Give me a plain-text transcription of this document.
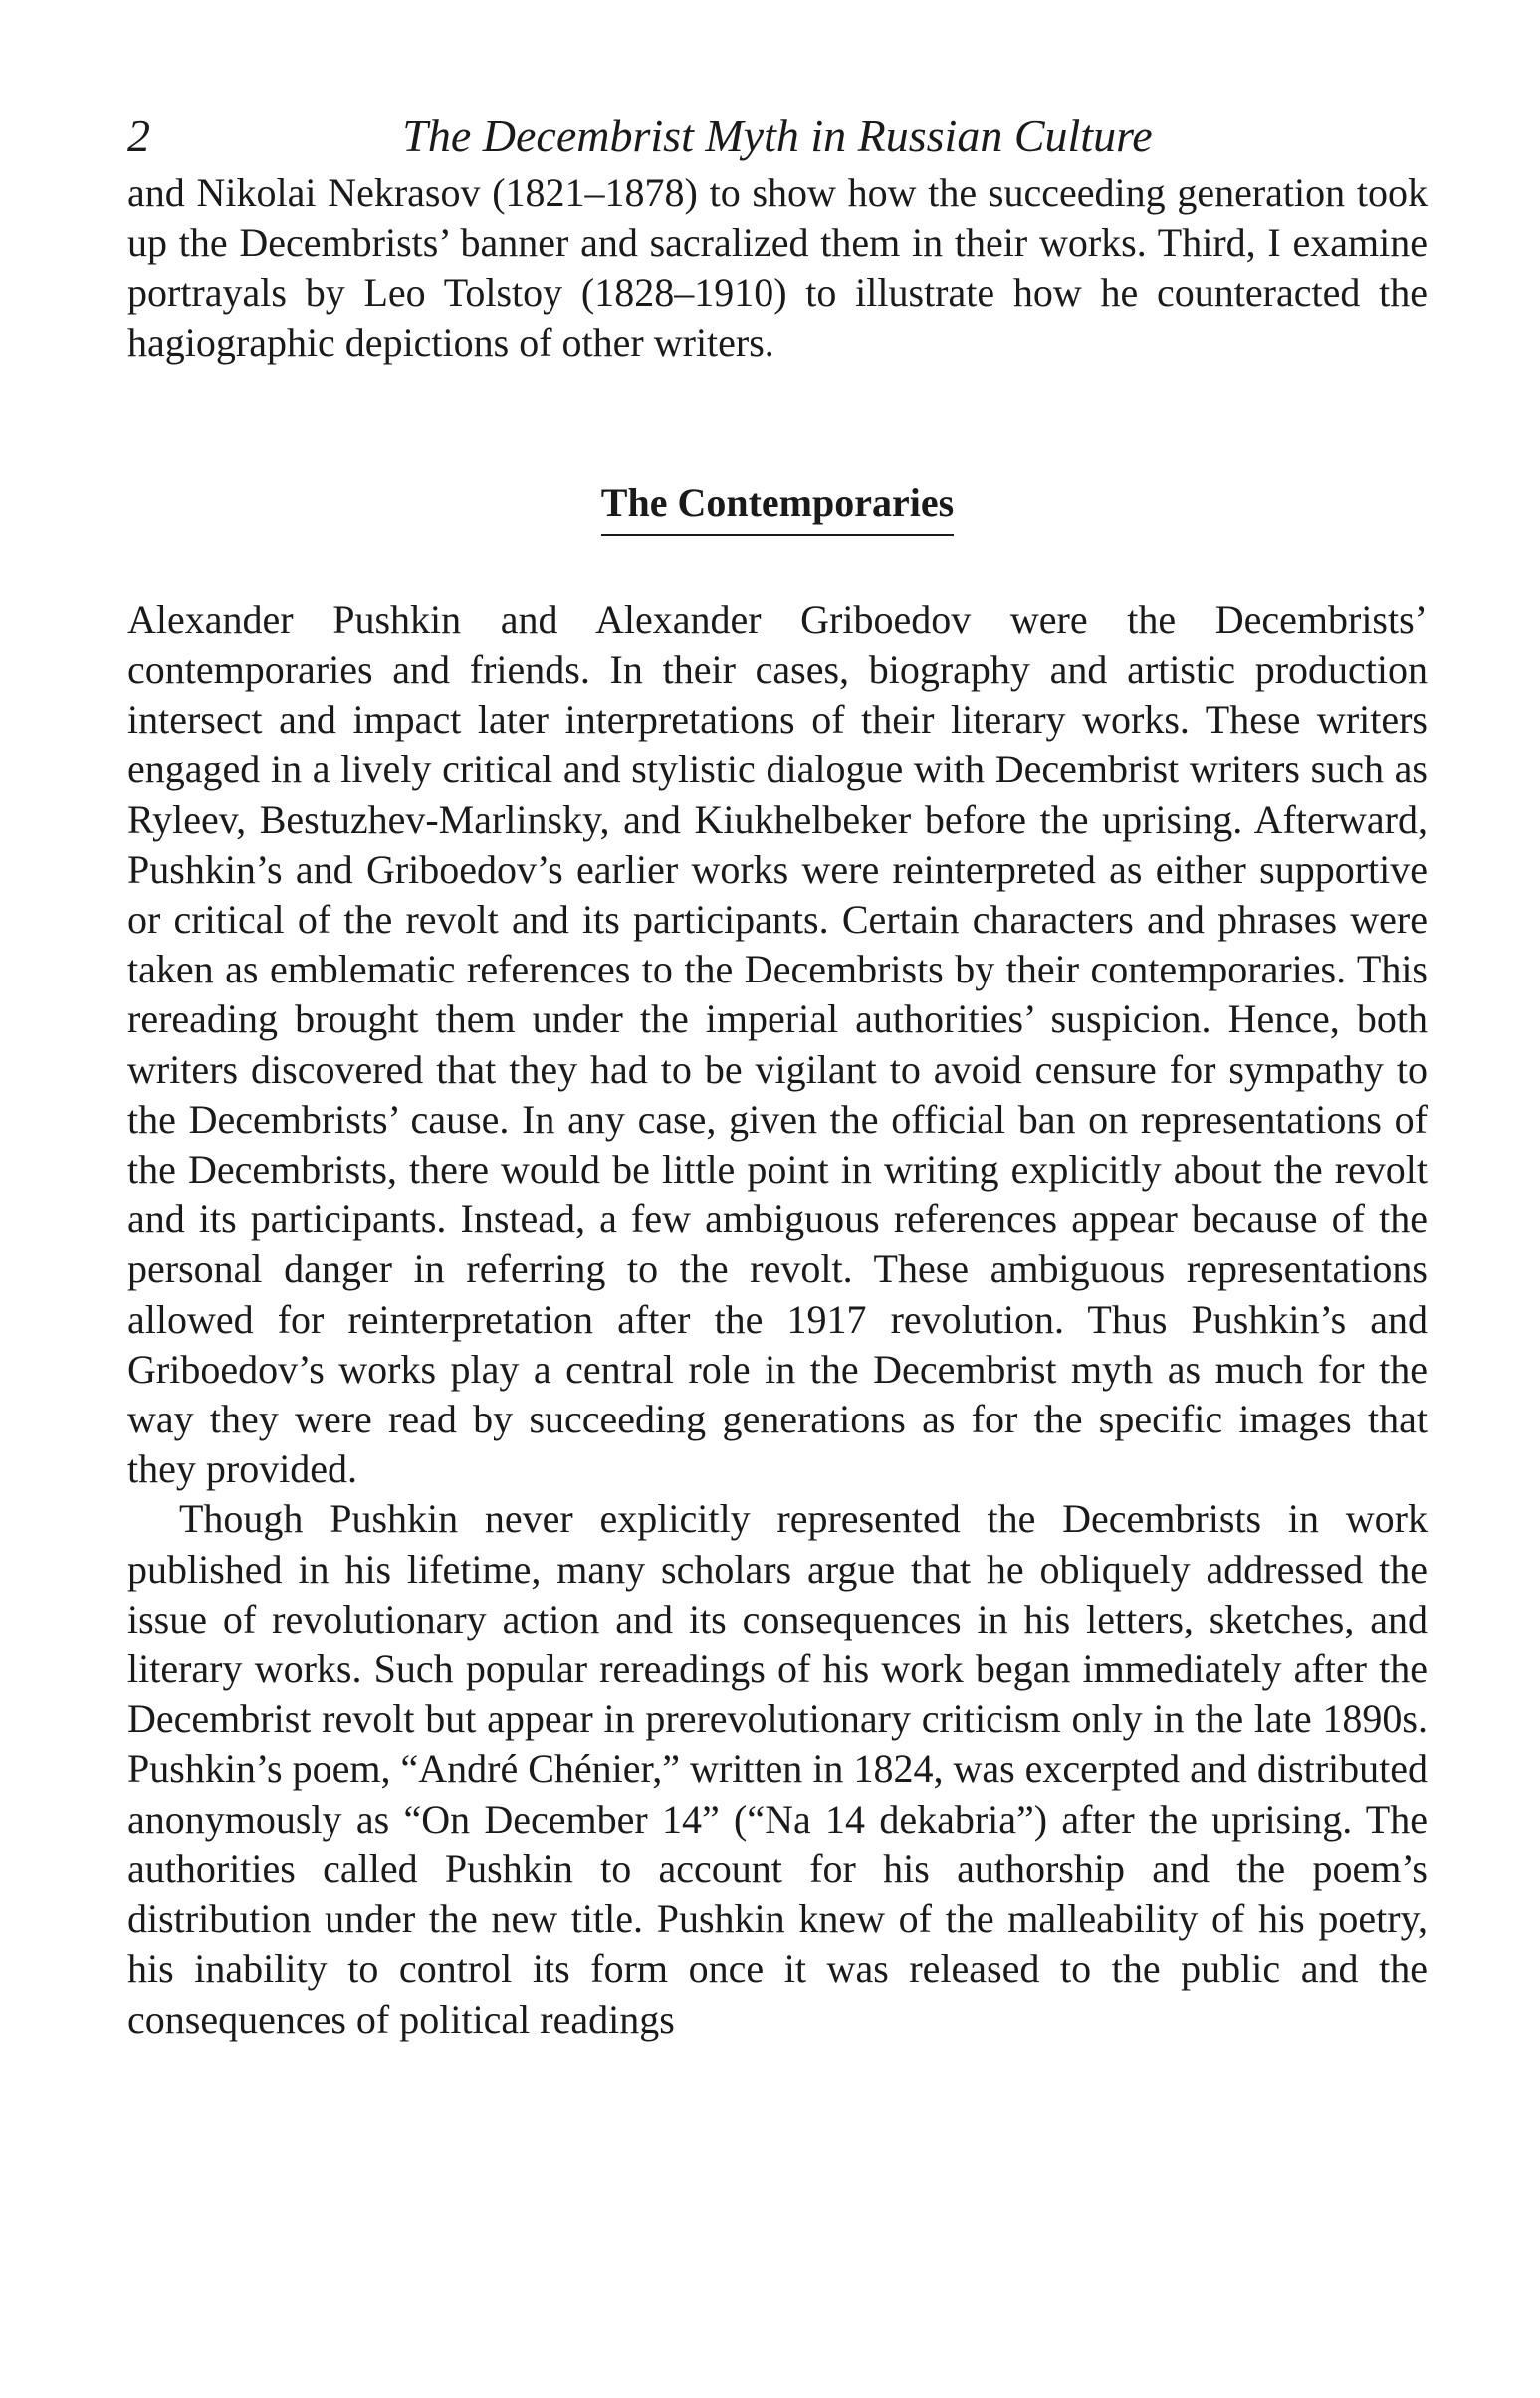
2	The Decembrist Myth in Russian Culture

and Nikolai Nekrasov (1821–1878) to show how the succeeding generation took up the Decembrists’ banner and sacralized them in their works. Third, I examine portrayals by Leo Tolstoy (1828–1910) to illustrate how he counteracted the hagiographic depictions of other writers.

The Contemporaries

Alexander Pushkin and Alexander Griboedov were the Decembrists’ contemporaries and friends. In their cases, biography and artistic production intersect and impact later interpretations of their literary works. These writers engaged in a lively critical and stylistic dialogue with Decembrist writers such as Ryleev, Bestuzhev-Marlinsky, and Kiukhelbeker before the uprising. Afterward, Pushkin’s and Griboedov’s earlier works were reinterpreted as either supportive or critical of the revolt and its participants. Certain characters and phrases were taken as emblematic references to the Decembrists by their contemporaries. This rereading brought them under the imperial authorities’ suspicion. Hence, both writers discovered that they had to be vigilant to avoid censure for sympathy to the Decembrists’ cause. In any case, given the official ban on representations of the Decembrists, there would be little point in writing explicitly about the revolt and its participants. Instead, a few ambiguous references appear because of the personal danger in referring to the revolt. These ambiguous representations allowed for reinterpretation after the 1917 revolution. Thus Pushkin’s and Griboedov’s works play a central role in the Decembrist myth as much for the way they were read by succeeding generations as for the specific images that they provided.

Though Pushkin never explicitly represented the Decembrists in work published in his lifetime, many scholars argue that he obliquely addressed the issue of revolutionary action and its consequences in his letters, sketches, and literary works. Such popular rereadings of his work began immediately after the Decembrist revolt but appear in prerevolutionary criticism only in the late 1890s. Pushkin’s poem, “André Chénier,” written in 1824, was excerpted and distributed anonymously as “On December 14” (“Na 14 dekabria”) after the uprising. The authorities called Pushkin to account for his authorship and the poem’s distribution under the new title. Pushkin knew of the malleability of his poetry, his inability to control its form once it was released to the public and the consequences of political readings
